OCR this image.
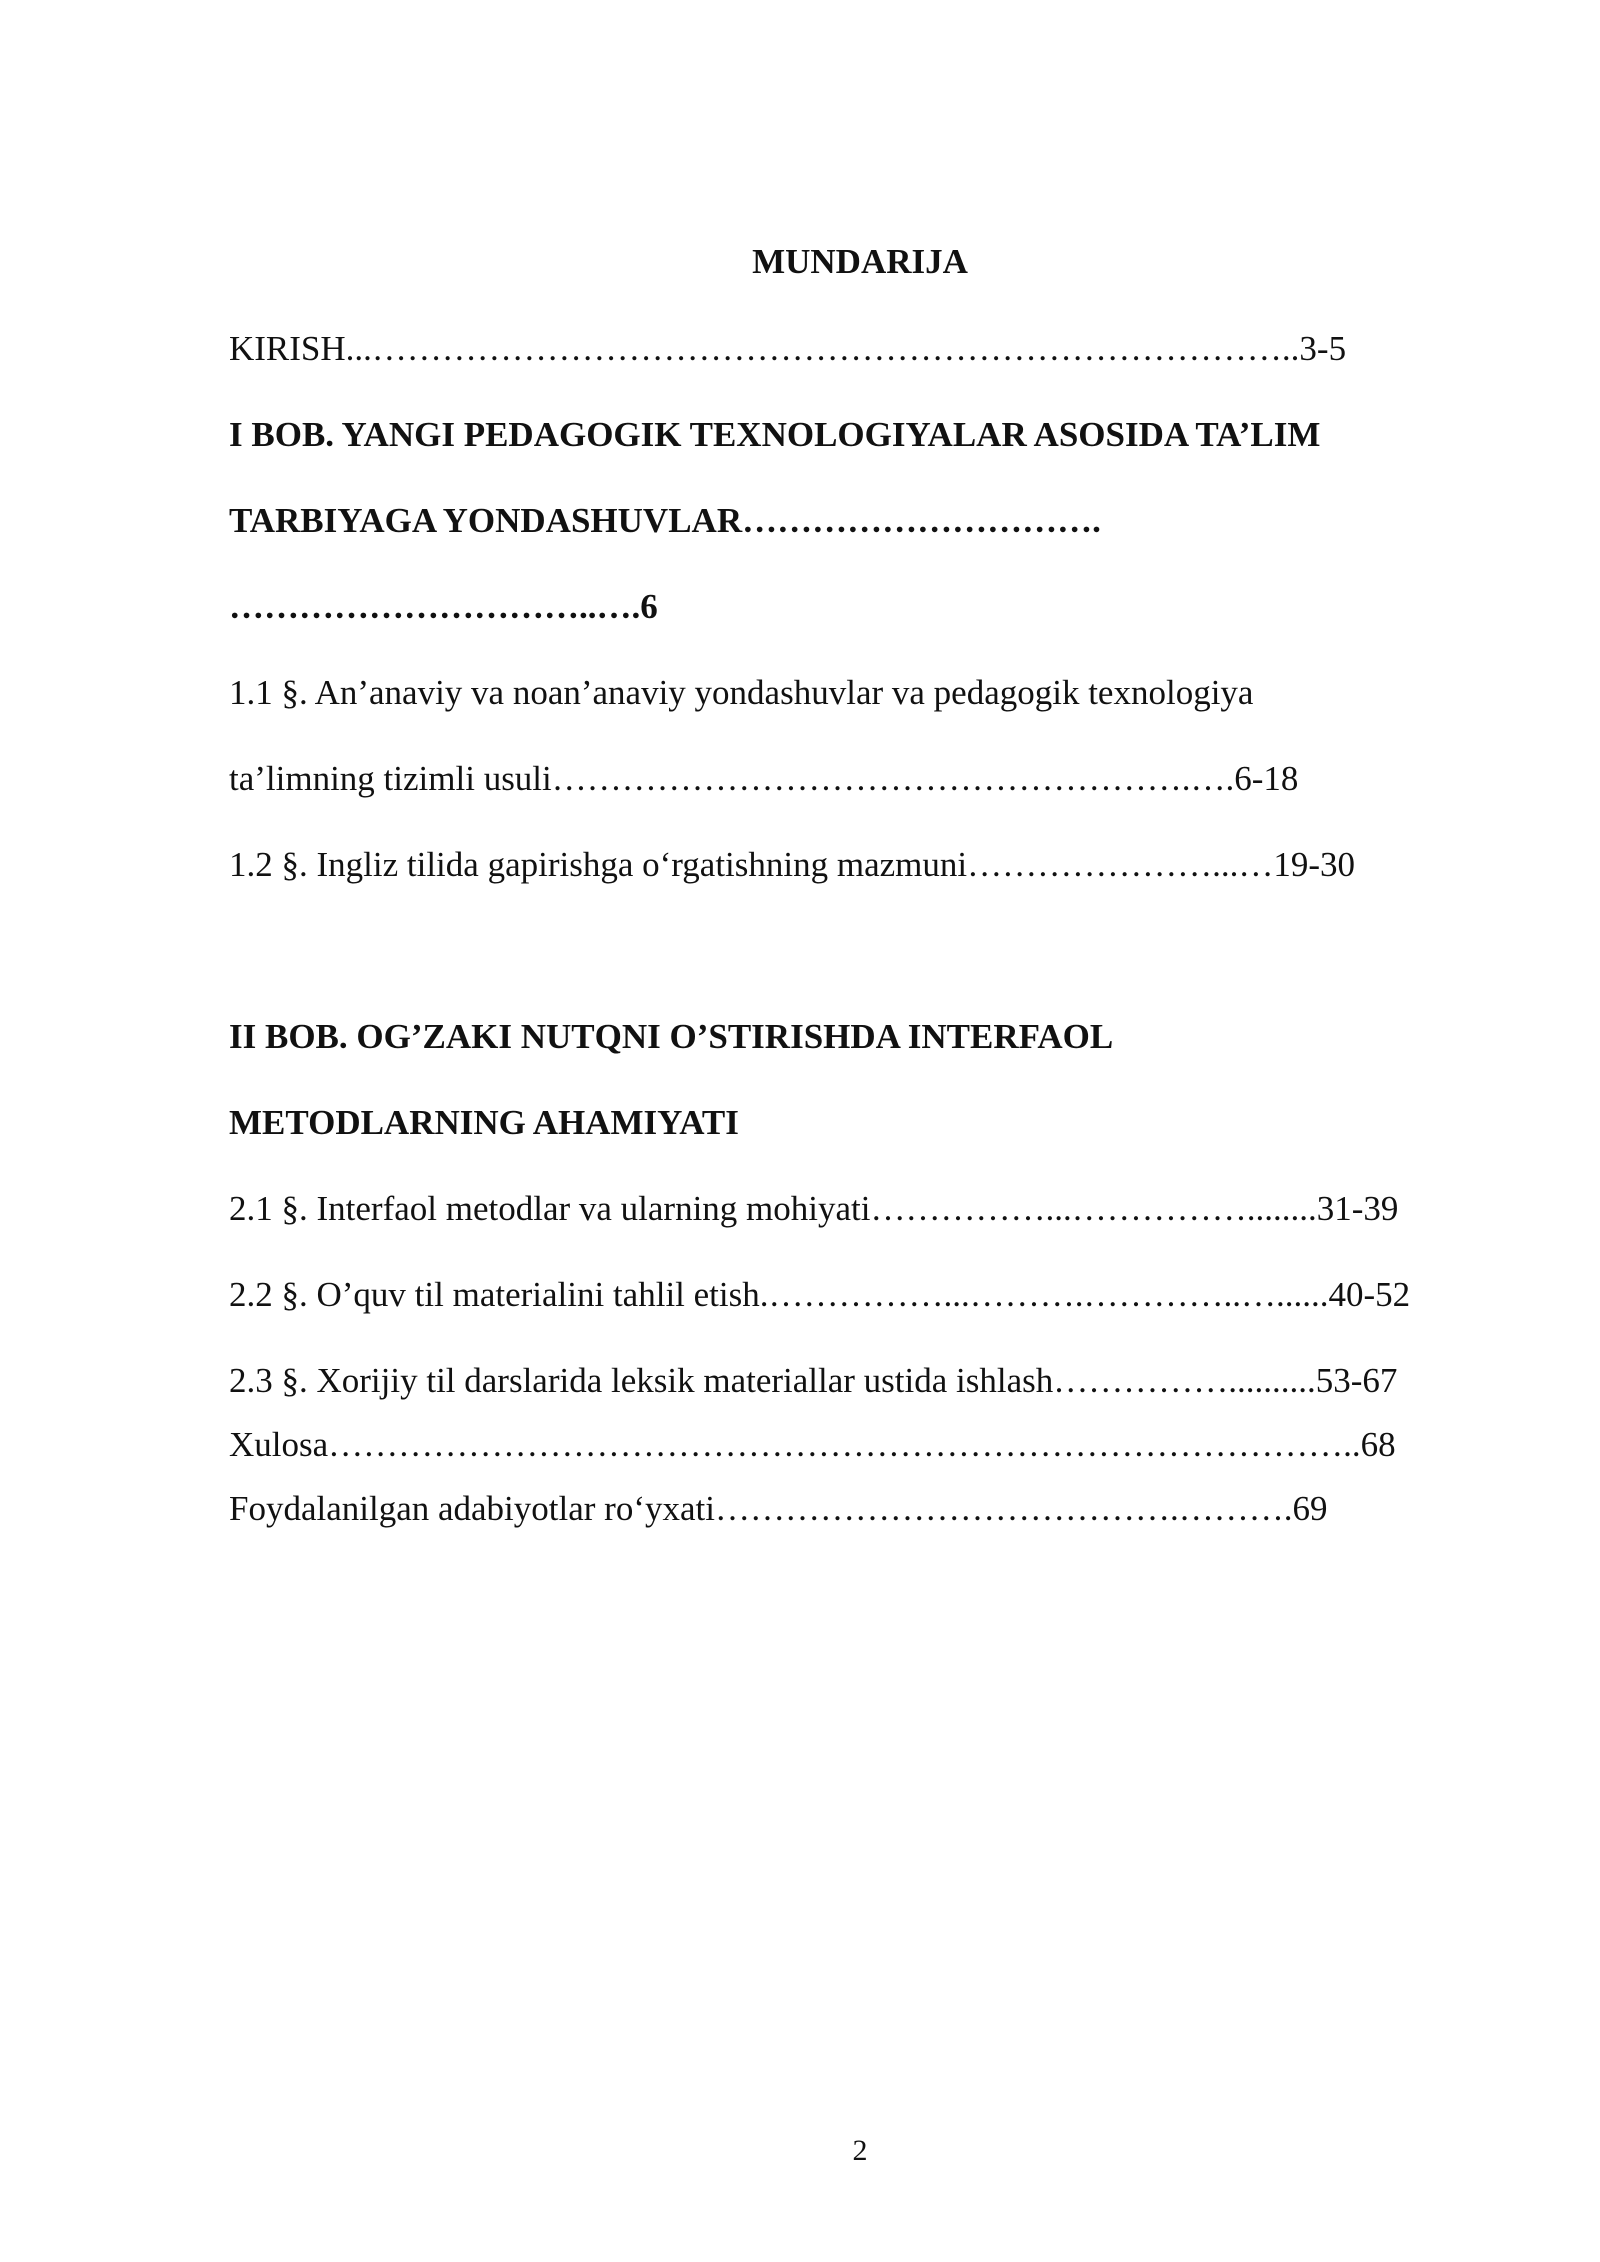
MUNDARIJA
KIRISH...……………………………………………………………………..3-5
I BOB. YANGI PEDAGOGIK TEXNOLOGIYALAR ASOSIDA TA’LIM
TARBIYAGA YONDASHUVLAR………………………….
…………………………..….6
1.1 §. An’anaviy va noan’anaviy yondashuvlar va pedagogik texnologiya
ta’limning tizimli usuli……………………………………………….….6-18
1.2 §. Ingliz tilida gapirishga o‘rgatishning mazmuni…………………...…19-30
II BOB. OG’ZAKI NUTQNI O’STIRISHDA INTERFAOL
METODLARNING AHAMIYATI
2.1 §. Interfaol metodlar va ularning mohiyati……………...……………........31-39
2.2 §. O’quv til materialini tahlil etish.……………...……….…………..…......40-52
2.3 §. Xorijiy til darslarida leksik materiallar ustida ishlash……………..........53-67
Xulosa……………………………………………………………………………..68
Foydalanilgan adabiyotlar ro‘yxati………………………………….……….69
2
